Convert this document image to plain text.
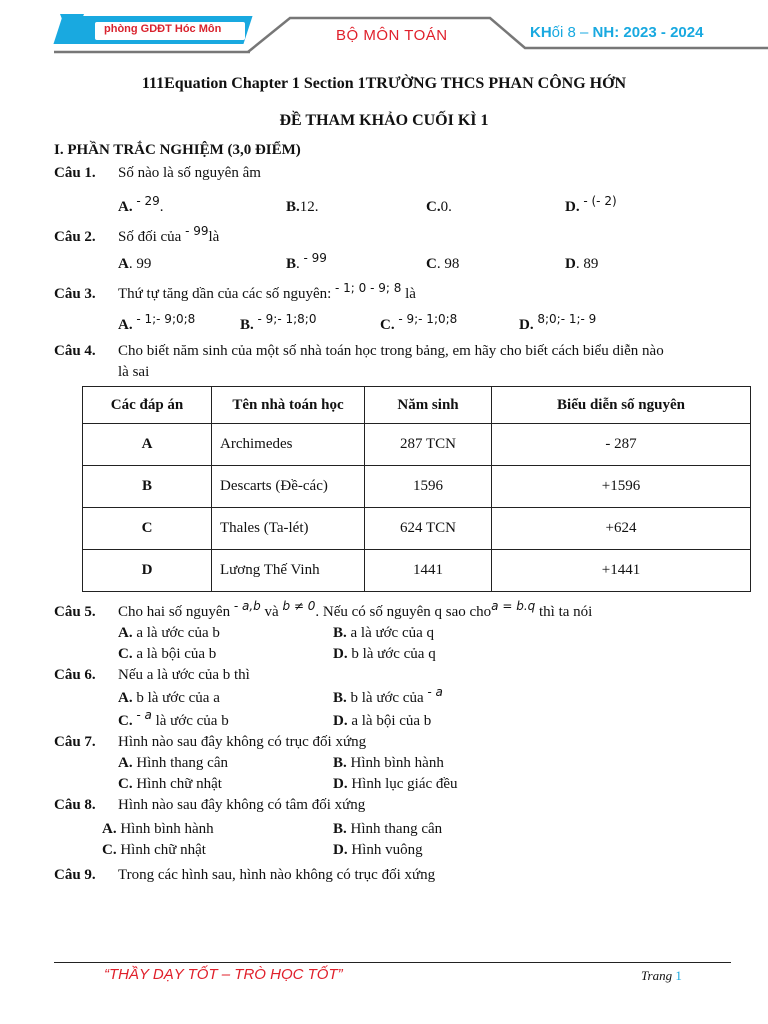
phòng GDĐT Hóc Môn	BỘ MÔN TOÁN	KHối 8 – NH: 2023 - 2024
111Equation Chapter 1 Section 1TRƯỜNG THCS PHAN CÔNG HỚN
ĐỀ THAM KHẢO CUỐI KÌ 1
I. PHẦN TRẮC NGHIỆM (3,0 ĐIỂM)
Câu 1. Số nào là số nguyên âm
A. $^{- 29}$.	B.12.	C.0.	D. $^{- (- 2)}$
Câu 2. Số đối của $^{- 99}$là
A. 99	B. $^{- 99}$	C. 98	D. 89
Câu 3. Thứ tự tăng dần của các số nguyên: $^{- 1; 0 - 9; 8}$ là
A. $^{- 1;- 9;0;8}$	B. $^{- 9;- 1;8;0}$	C. $^{- 9;- 1;0;8}$	D. $^{8;0;- 1;- 9}$
Câu 4. Cho biết năm sinh của một số nhà toán học trong bảng, em hãy cho biết cách biểu diễn nào
là sai
Các đáp án	Tên nhà toán học	Năm sinh	Biểu diễn số nguyên
A	Archimedes	287 TCN	- 287
B	Descarts (Đề-các)	1596	+1596
C	Thales (Ta-lét)	624 TCN	+624
D	Lương Thế Vinh	1441	+1441
Câu 5. Cho hai số nguyên $^{- a,b}$ và $^{b \ne 0}$. Nếu có số nguyên q sao cho$^{a = b.q}$ thì ta nói
A. a là ước của b	B. a là ước của q
C. a là bội của b	D. b là ước của q
Câu 6. Nếu a là ước của b thì
A. b là ước của a	B. b là ước của $^{- a}$
C. $^{- a}$ là ước của b	D. a là bội của b
Câu 7. Hình nào sau đây không có trục đối xứng
A. Hình thang cân	B. Hình bình hành
C. Hình chữ nhật	D. Hình lục giác đều
Câu 8. Hình nào sau đây không có tâm đối xứng
A. Hình bình hành	B. Hình thang cân
C. Hình chữ nhật	D. Hình vuông
Câu 9. Trong các hình sau, hình nào không có trục đối xứng
“THẦY DẠY TỐT – TRÒ HỌC TỐT”	Trang 1
